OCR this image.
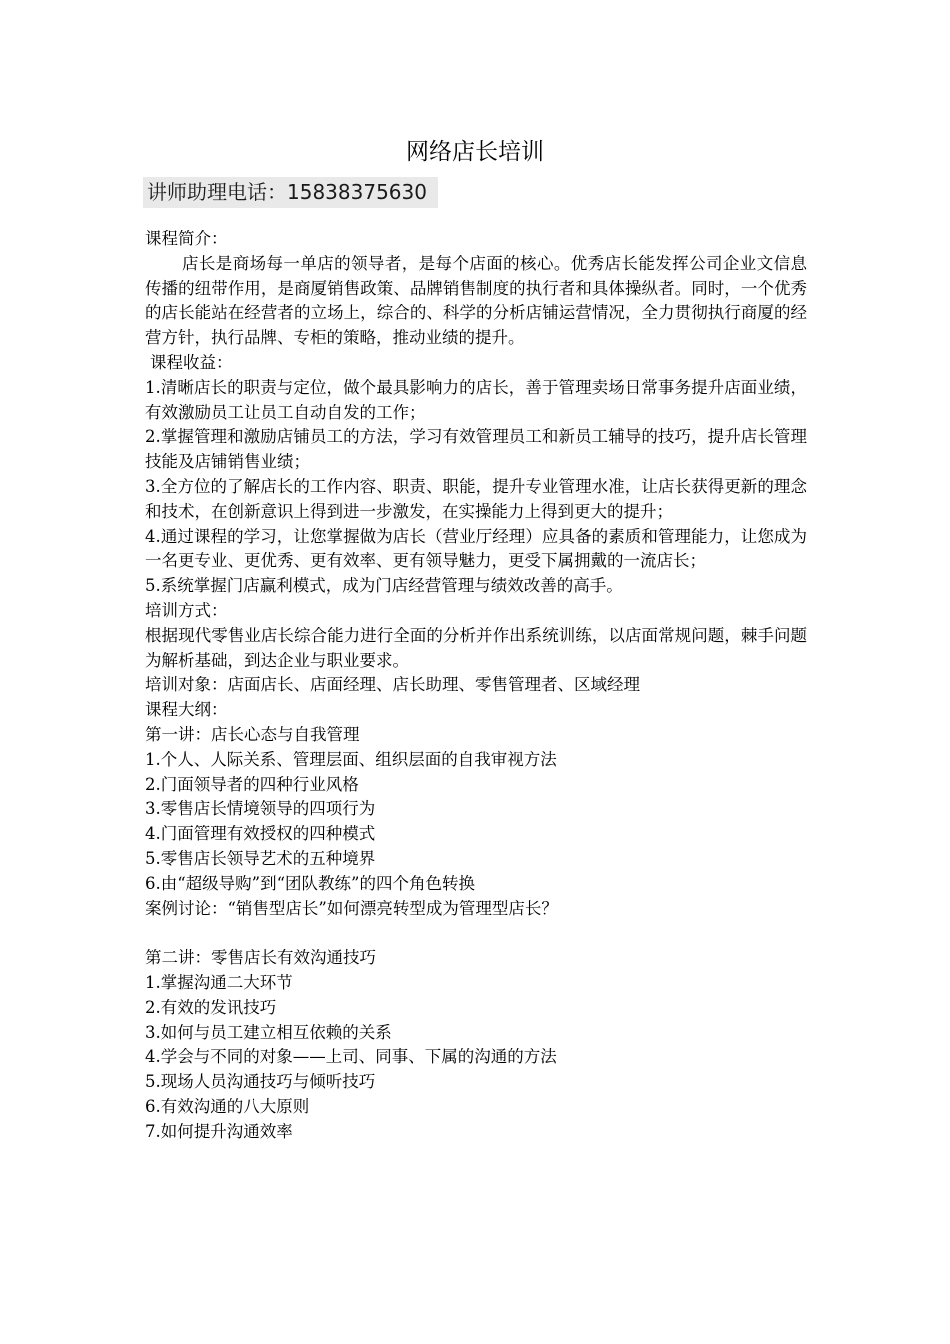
网络店长培训
讲师助理电话：15838375630

课程简介：

店长是商场每一单店的领导者，是每个店面的核心。优秀店长能发挥公司企业文信息传播的纽带作用，是商厦销售政策、品牌销售制度的执行者和具体操纵者。同时，一个优秀的店长能站在经营者的立场上，综合的、科学的分析店铺运营情况，全力贯彻执行商厦的经营方针，执行品牌、专柜的策略，推动业绩的提升。

课程收益：

1.清晰店长的职责与定位，做个最具影响力的店长，善于管理卖场日常事务提升店面业绩，有效激励员工让员工自动自发的工作；

2.掌握管理和激励店铺员工的方法，学习有效管理员工和新员工辅导的技巧，提升店长管理技能及店铺销售业绩；

3.全方位的了解店长的工作内容、职责、职能，提升专业管理水准，让店长获得更新的理念和技术，在创新意识上得到进一步激发，在实操能力上得到更大的提升；

4.通过课程的学习，让您掌握做为店长（营业厅经理）应具备的素质和管理能力，让您成为一名更专业、更优秀、更有效率、更有领导魅力，更受下属拥戴的一流店长；

5.系统掌握门店赢利模式，成为门店经营管理与绩效改善的高手。

培训方式：

根据现代零售业店长综合能力进行全面的分析并作出系统训练，以店面常规问题，棘手问题为解析基础，到达企业与职业要求。

培训对象：店面店长、店面经理、店长助理、零售管理者、区域经理

课程大纲：

第一讲：店长心态与自我管理

1.个人、人际关系、管理层面、组织层面的自我审视方法

2.门面领导者的四种行业风格

3.零售店长情境领导的四项行为

4.门面管理有效授权的四种模式

5.零售店长领导艺术的五种境界

6.由“超级导购”到“团队教练”的四个角色转换

案例讨论：“销售型店长”如何漂亮转型成为管理型店长？

第二讲：零售店长有效沟通技巧

1.掌握沟通二大环节

2.有效的发讯技巧

3.如何与员工建立相互依赖的关系

4.学会与不同的对象——上司、同事、下属的沟通的方法

5.现场人员沟通技巧与倾听技巧

6.有效沟通的八大原则

7.如何提升沟通效率
